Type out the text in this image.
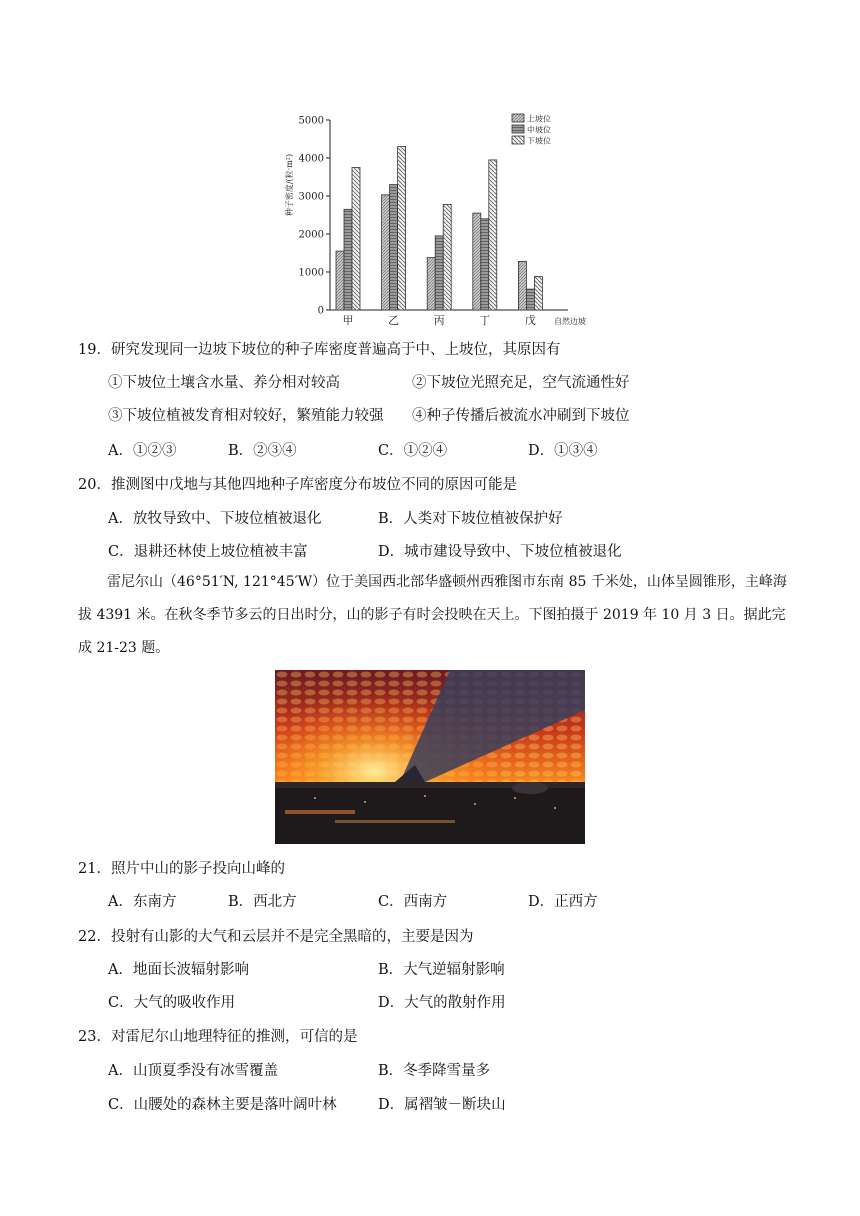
0
1000
2000
3000
4000
5000
种子密度/(粒·m²)
甲	乙	丙	丁	戊 自然边坡
上坡位
中坡位
下坡位
19．研究发现同一边坡下坡位的种子库密度普遍高于中、上坡位，其原因有
①下坡位土壤含水量、养分相对较高	②下坡位光照充足，空气流通性好
③下坡位植被发育相对较好，繁殖能力较强 ④种子传播后被流水冲刷到下坡位
A．①②③	B．②③④	C．①②④	D．①③④
20．推测图中戊地与其他四地种子库密度分布坡位不同的原因可能是
A．放牧导致中、下坡位植被退化	B．人类对下坡位植被保护好
C．退耕还林使上坡位植被丰富	D．城市建设导致中、下坡位植被退化
雷尼尔山（46°51′N, 121°45′W）位于美国西北部华盛顿州西雅图市东南 85 千米处，山体呈圆锥形，主峰海拔 4391 米。在秋冬季节多云的日出时分，山的影子有时会投映在天上。下图拍摄于 2019 年 10 月 3 日。据此完成 21-23 题。
21．照片中山的影子投向山峰的
A．东南方	B．西北方	C．西南方	D．正西方
22．投射有山影的大气和云层并不是完全黑暗的，主要是因为
A．地面长波辐射影响	B．大气逆辐射影响
C．大气的吸收作用	D．大气的散射作用
23．对雷尼尔山地理特征的推测，可信的是
A．山顶夏季没有冰雪覆盖	B．冬季降雪量多
C．山腰处的森林主要是落叶阔叶林	D．属褶皱－断块山
